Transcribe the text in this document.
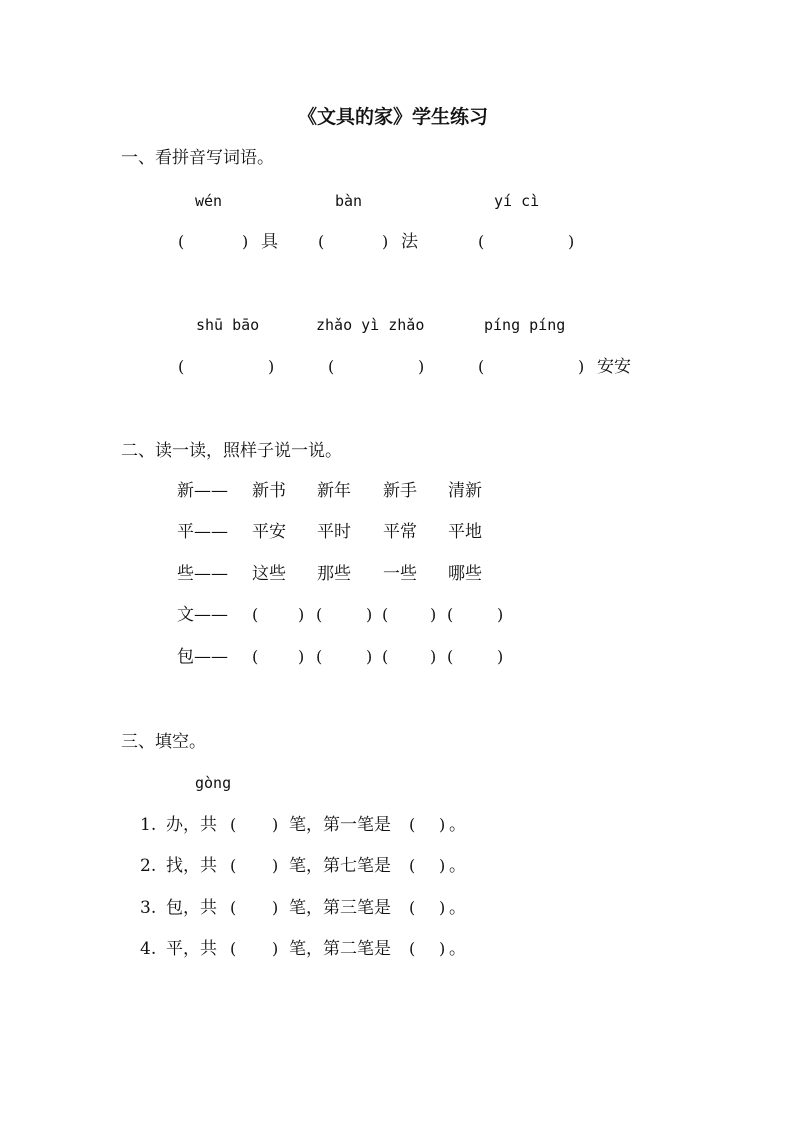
《文具的家》学生练习
一、看拼音写词语。
wén	bàn	yí cì
(	) 具	(	) 法	(	)
shū bāo	zhǎo yì zhǎo	píng píng
(	)	(	)	(	) 安安
二、读一读，照样子说一说。
新—— 新书 新年 新手 清新
平—— 平安 平时 平常 平地
些—— 这些 那些 一些 哪些
文—— ( ) (	) (	) (	)
包—— ( ) (	) (	) (	)
三、填空。
gòng
1. 办，共 ( ) 笔，第一笔是 ( ) 。
2. 找，共 ( ) 笔，第七笔是 ( ) 。
3. 包，共 ( ) 笔，第三笔是 ( ) 。
4. 平，共 ( ) 笔，第二笔是 ( ) 。
